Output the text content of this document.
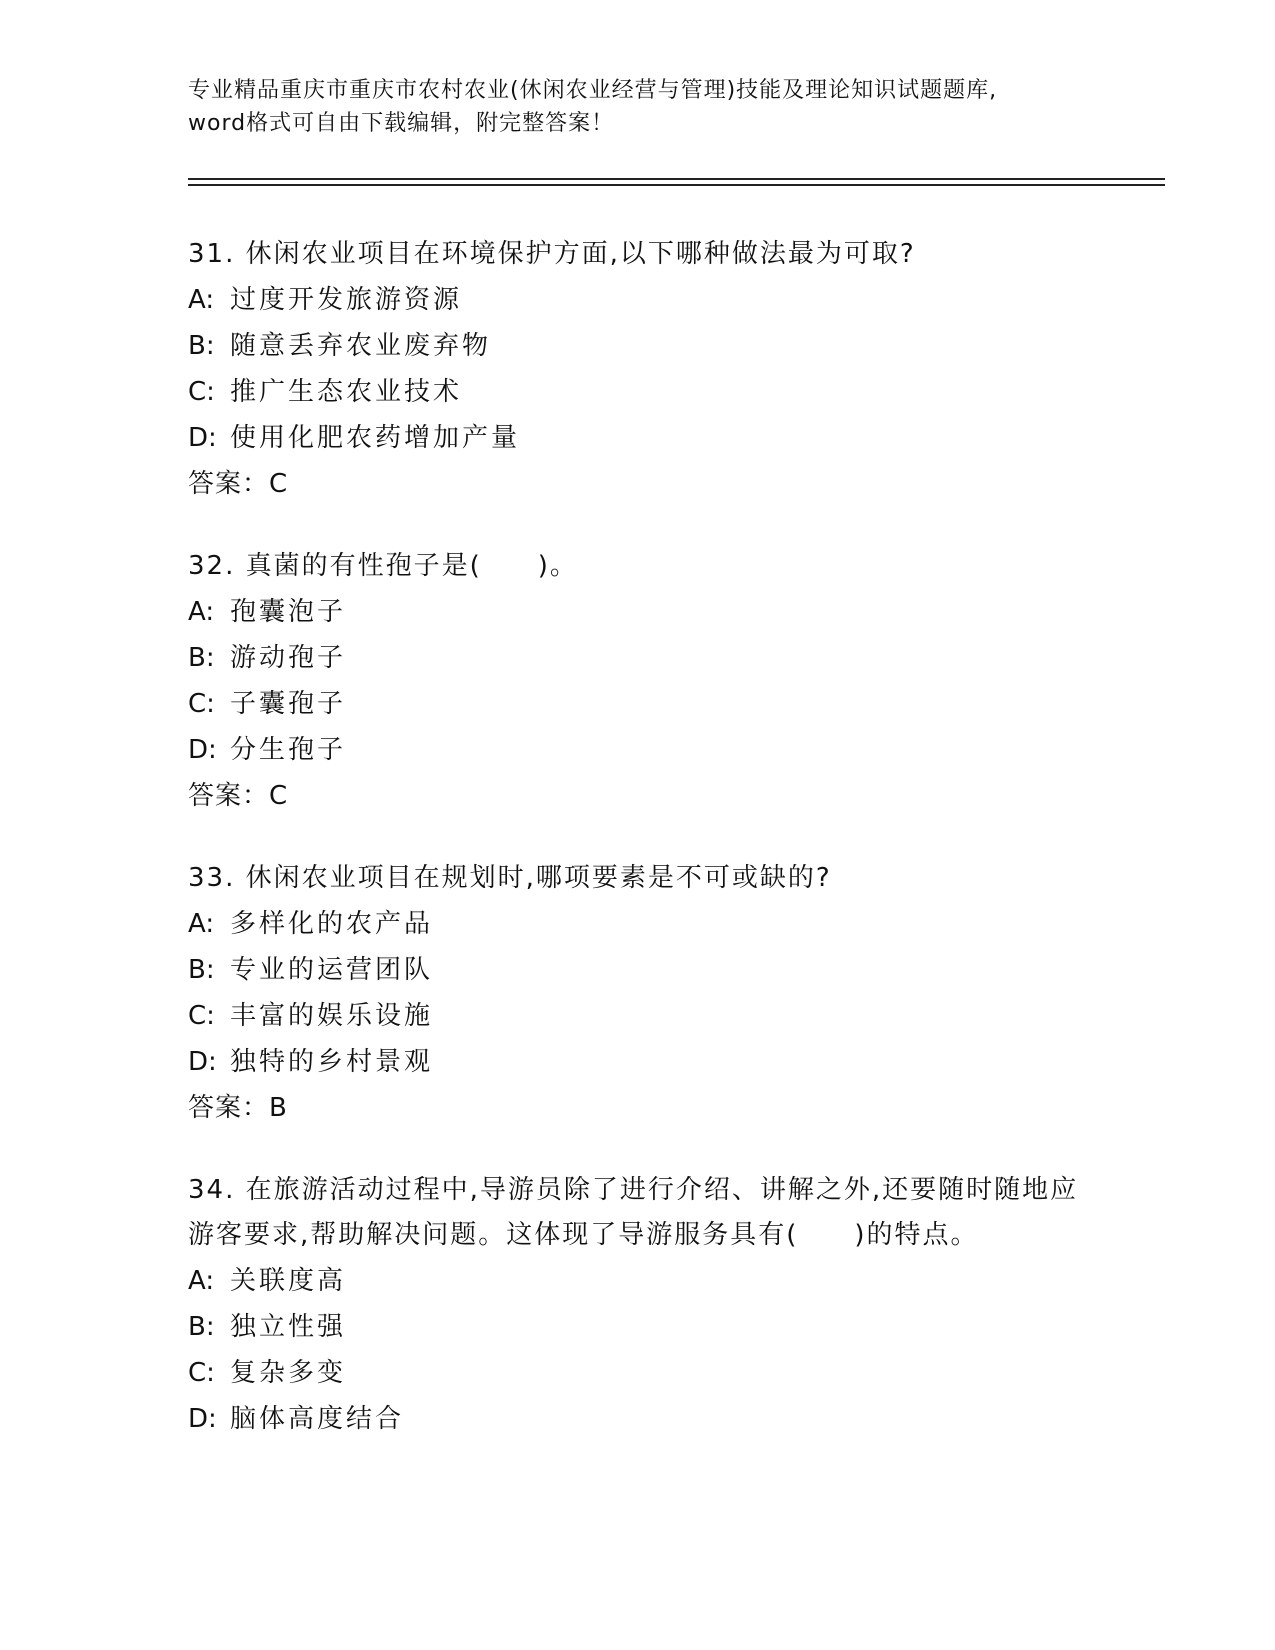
专业精品重庆市重庆市农村农业(休闲农业经营与管理)技能及理论知识试题题库,
word格式可自由下载编辑，附完整答案！

31. 休闲农业项目在环境保护方面,以下哪种做法最为可取?

A: 过度开发旅游资源

B: 随意丢弃农业废弃物

C: 推广生态农业技术

D: 使用化肥农药增加产量

答案：C

32. 真菌的有性孢子是(　　)。

A: 孢囊泡子

B: 游动孢子

C: 子囊孢子

D: 分生孢子

答案：C

33. 休闲农业项目在规划时,哪项要素是不可或缺的?

A: 多样化的农产品

B: 专业的运营团队

C: 丰富的娱乐设施

D: 独特的乡村景观

答案：B

34. 在旅游活动过程中,导游员除了进行介绍、讲解之外,还要随时随地应游客要求,帮助解决问题。这体现了导游服务具有(　　)的特点。

A: 关联度高

B: 独立性强

C: 复杂多变

D: 脑体高度结合
